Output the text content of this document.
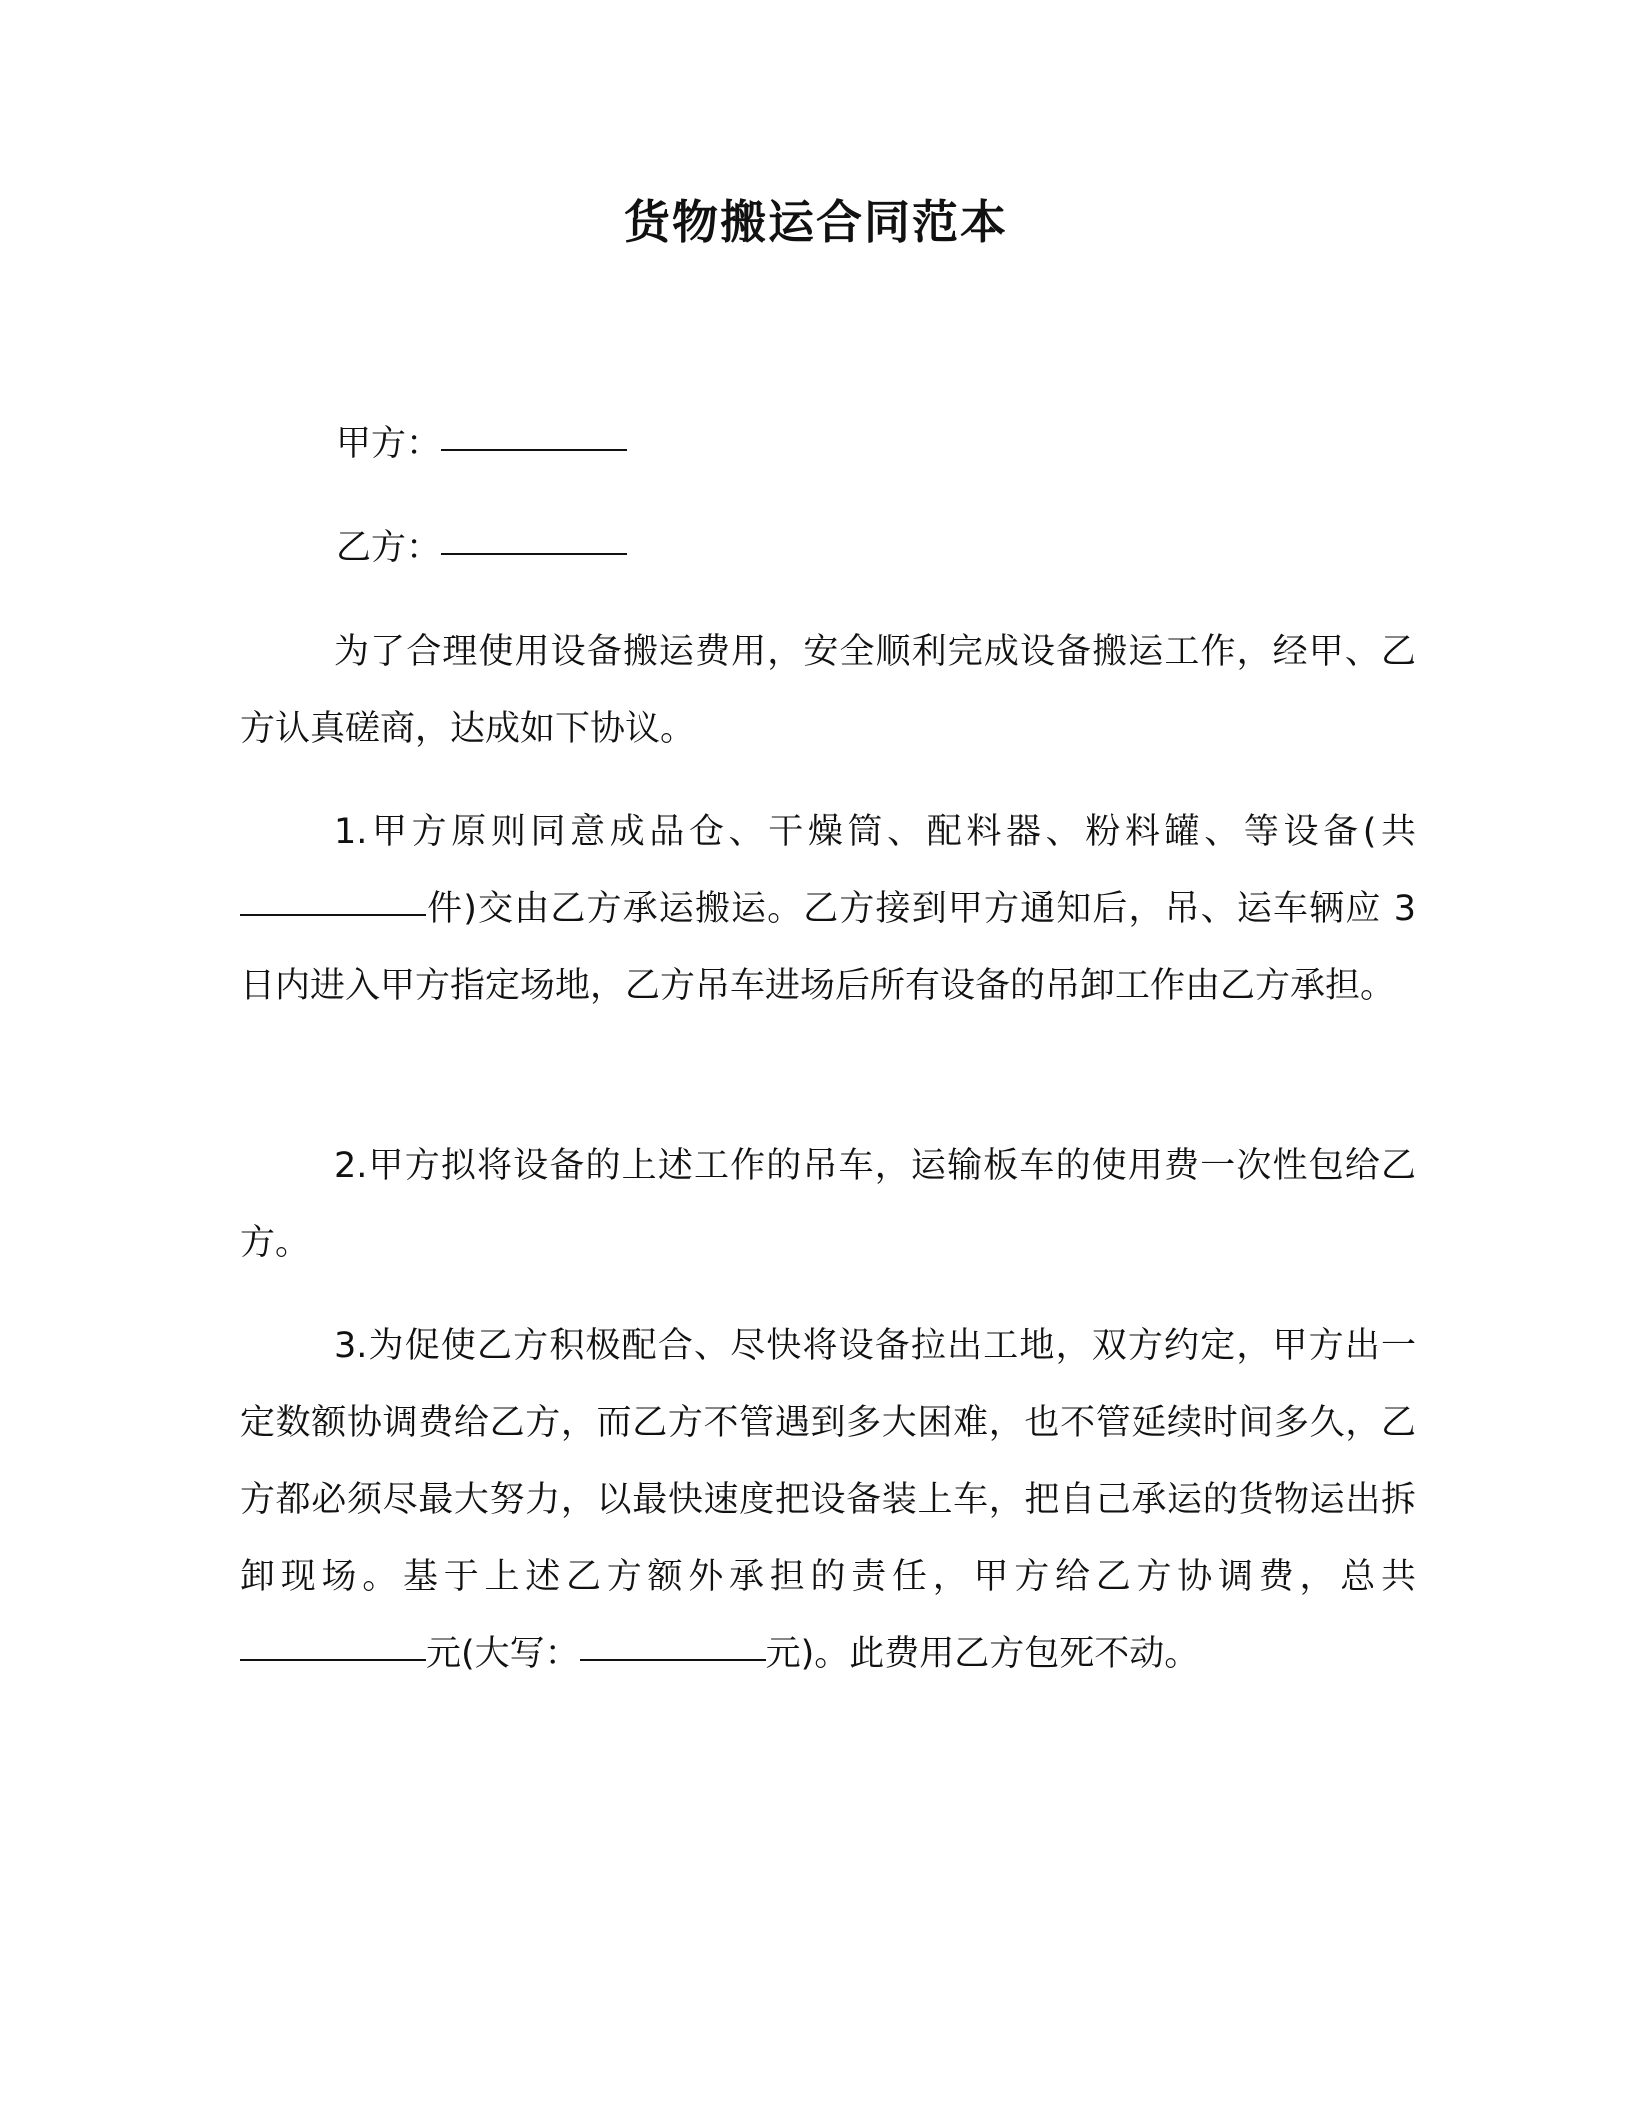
货物搬运合同范本
甲方：
乙方：
为了合理使用设备搬运费用，安全顺利完成设备搬运工作，经甲、乙方认真磋商，达成如下协议。
1.甲方原则同意成品仓、干燥筒、配料器、粉料罐、等设备(共件)交由乙方承运搬运。乙方接到甲方通知后，吊、运车辆应 3 日内进入甲方指定场地，乙方吊车进场后所有设备的吊卸工作由乙方承担。
2.甲方拟将设备的上述工作的吊车，运输板车的使用费一次性包给乙方。
3.为促使乙方积极配合、尽快将设备拉出工地，双方约定，甲方出一定数额协调费给乙方，而乙方不管遇到多大困难，也不管延续时间多久，乙方都必须尽最大努力，以最快速度把设备装上车，把自己承运的货物运出拆卸现场。基于上述乙方额外承担的责任，甲方给乙方协调费，总共元(大写：	元)。此费用乙方包死不动。
